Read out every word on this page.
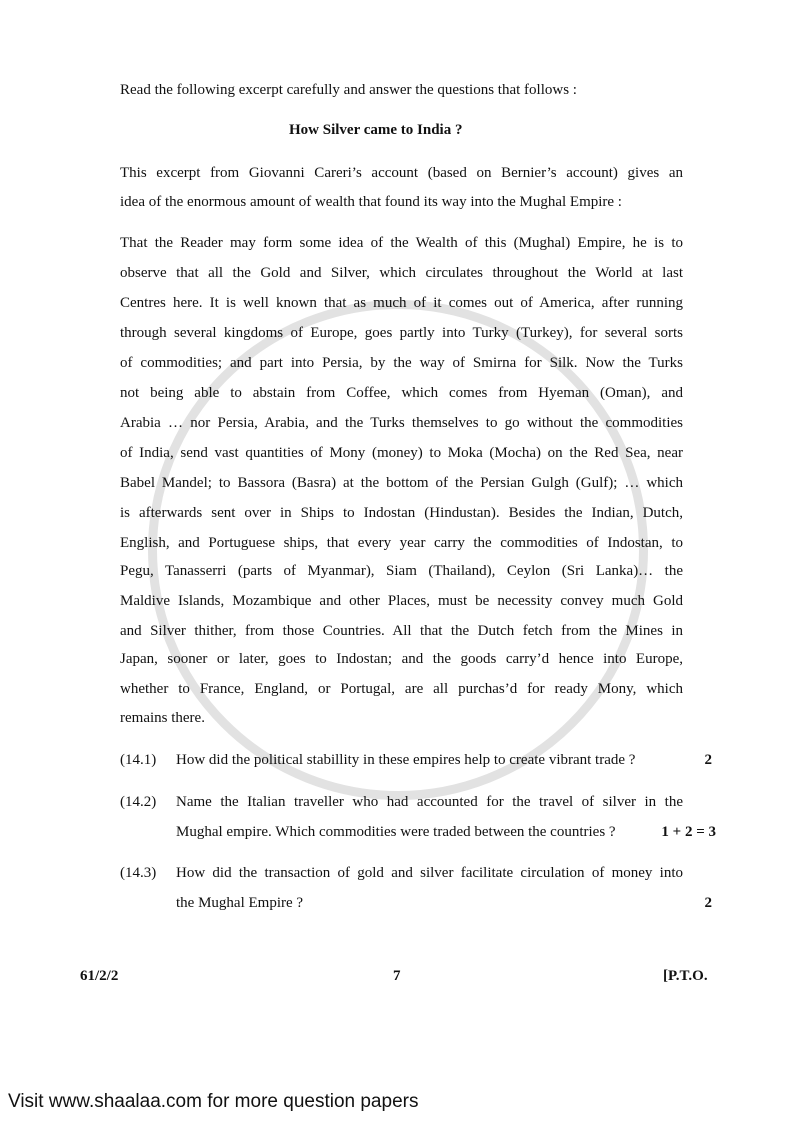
Read the following excerpt carefully and answer the questions that follows :
How Silver came to India ?
This excerpt from Giovanni Careri’s account (based on Bernier’s account) gives an
idea of the enormous amount of wealth that found its way into the Mughal Empire :
That the Reader may form some idea of the Wealth of this (Mughal) Empire, he is to
observe that all the Gold and Silver, which circulates throughout the World at last
Centres here. It is well known that as much of it comes out of America, after running
through several kingdoms of Europe, goes partly into Turky (Turkey), for several sorts
of commodities; and part into Persia, by the way of Smirna for Silk. Now the Turks
not being able to abstain from Coffee, which comes from Hyeman (Oman), and
Arabia … nor Persia, Arabia, and the Turks themselves to go without the commodities
of India, send vast quantities of Mony (money) to Moka (Mocha) on the Red Sea, near
Babel Mandel; to Bassora (Basra) at the bottom of the Persian Gulgh (Gulf); … which
is afterwards sent over in Ships to Indostan (Hindustan). Besides the Indian, Dutch,
English, and Portuguese ships, that every year carry the commodities of Indostan, to
Pegu, Tanasserri (parts of Myanmar), Siam (Thailand), Ceylon (Sri Lanka)… the
Maldive Islands, Mozambique and other Places, must be necessity convey much Gold
and Silver thither, from those Countries. All that the Dutch fetch from the Mines in
Japan, sooner or later, goes to Indostan; and the goods carry’d hence into Europe,
whether to France, England, or Portugal, are all purchas’d for ready Mony, which
remains there.
(14.1) How did the political stabillity in these empires help to create vibrant trade ?	2
(14.2) Name the Italian traveller who had accounted for the travel of silver in the
Mughal empire. Which commodities were traded between the countries ?	1 + 2 = 3
(14.3) How did the transaction of gold and silver facilitate circulation of money into
the Mughal Empire ?	2
61/2/2	7	[P.T.O.
Visit www.shaalaa.com for more question papers
